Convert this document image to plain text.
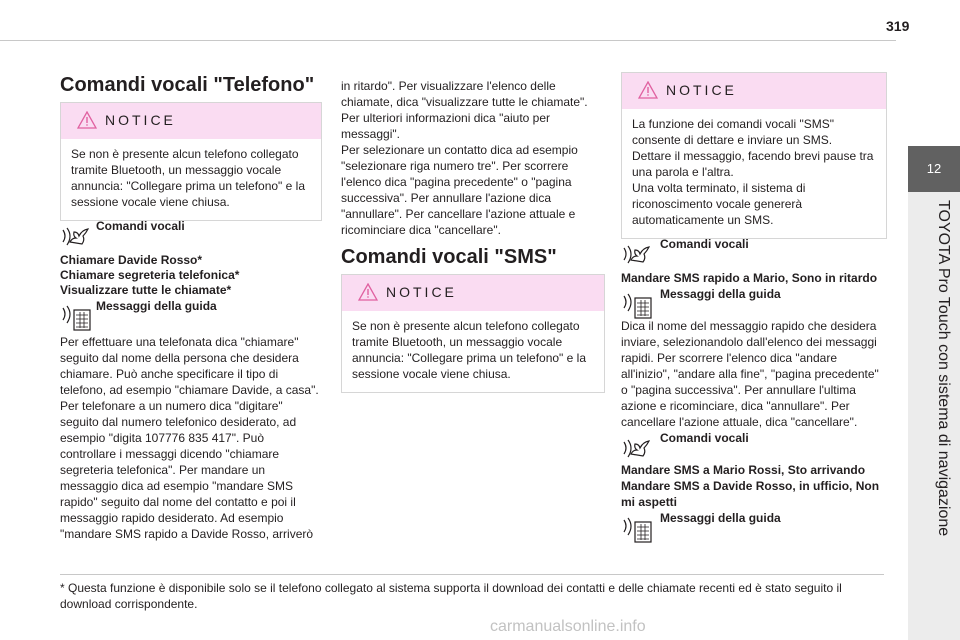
319
12
TOYOTA Pro Touch con sistema di navigazione
Comandi vocali "Telefono"
NOTICE
Se non è presente alcun telefono collegato tramite Bluetooth, un messaggio vocale annuncia: "Collegare prima un telefono" e la sessione vocale viene chiusa.
Comandi vocali
Chiamare Davide Rosso*
Chiamare segreteria telefonica*
Visualizzare tutte le chiamate*
Messaggi della guida
Per effettuare una telefonata dica "chiamare" seguito dal nome della persona che desidera chiamare. Può anche specificare il tipo di telefono, ad esempio "chiamare Davide, a casa". Per telefonare a un numero dica "digitare" seguito dal numero telefonico desiderato, ad esempio "digita 107776 835 417". Può controllare i messaggi dicendo "chiamare segreteria telefonica". Per mandare un messaggio dica ad esempio "mandare SMS rapido" seguito dal nome del contatto e poi il messaggio rapido desiderato. Ad esempio "mandare SMS rapido a Davide Rosso, arriverò
in ritardo". Per visualizzare l'elenco delle chiamate, dica "visualizzare tutte le chiamate". Per ulteriori informazioni dica "aiuto per messaggi".
Per selezionare un contatto dica ad esempio "selezionare riga numero tre". Per scorrere l'elenco dica "pagina precedente" o "pagina successiva". Per annullare l'azione dica "annullare". Per cancellare l'azione attuale e ricominciare dica "cancellare".
Comandi vocali "SMS"
NOTICE
Se non è presente alcun telefono collegato tramite Bluetooth, un messaggio vocale annuncia: "Collegare prima un telefono" e la sessione vocale viene chiusa.
NOTICE
La funzione dei comandi vocali "SMS" consente di dettare e inviare un SMS.
Dettare il messaggio, facendo brevi pause tra una parola e l'altra.
Una volta terminato, il sistema di riconoscimento vocale genererà automaticamente un SMS.
Comandi vocali
Mandare SMS rapido a Mario, Sono in ritardo
Messaggi della guida
Dica il nome del messaggio rapido che desidera inviare, selezionandolo dall'elenco dei messaggi rapidi. Per scorrere l'elenco dica "andare all'inizio", "andare alla fine", "pagina precedente" o "pagina successiva". Per annullare l'ultima azione e ricominciare, dica "annullare". Per cancellare l'azione attuale, dica "cancellare".
Comandi vocali
Mandare SMS a Mario Rossi, Sto arrivando
Mandare SMS a Davide Rosso, in ufficio, Non mi aspetti
Messaggi della guida
* Questa funzione è disponibile solo se il telefono collegato al sistema supporta il download dei contatti e delle chiamate recenti ed è stato seguito il download corrispondente.
carmanualsonline.info
